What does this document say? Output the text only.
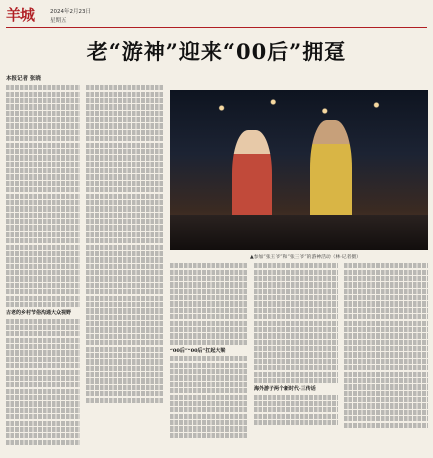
羊城	2024年2月23日
星期五
老“游神”迎来“00后”拥趸
本报记者 张晓
古老的乡村节俗沟通大众视野
▲参加“张王爷”和“张三爷”的游神活动（林·记者摄）
“00后”“00后”扛起大梁
海外游子两个新时代·三传话
